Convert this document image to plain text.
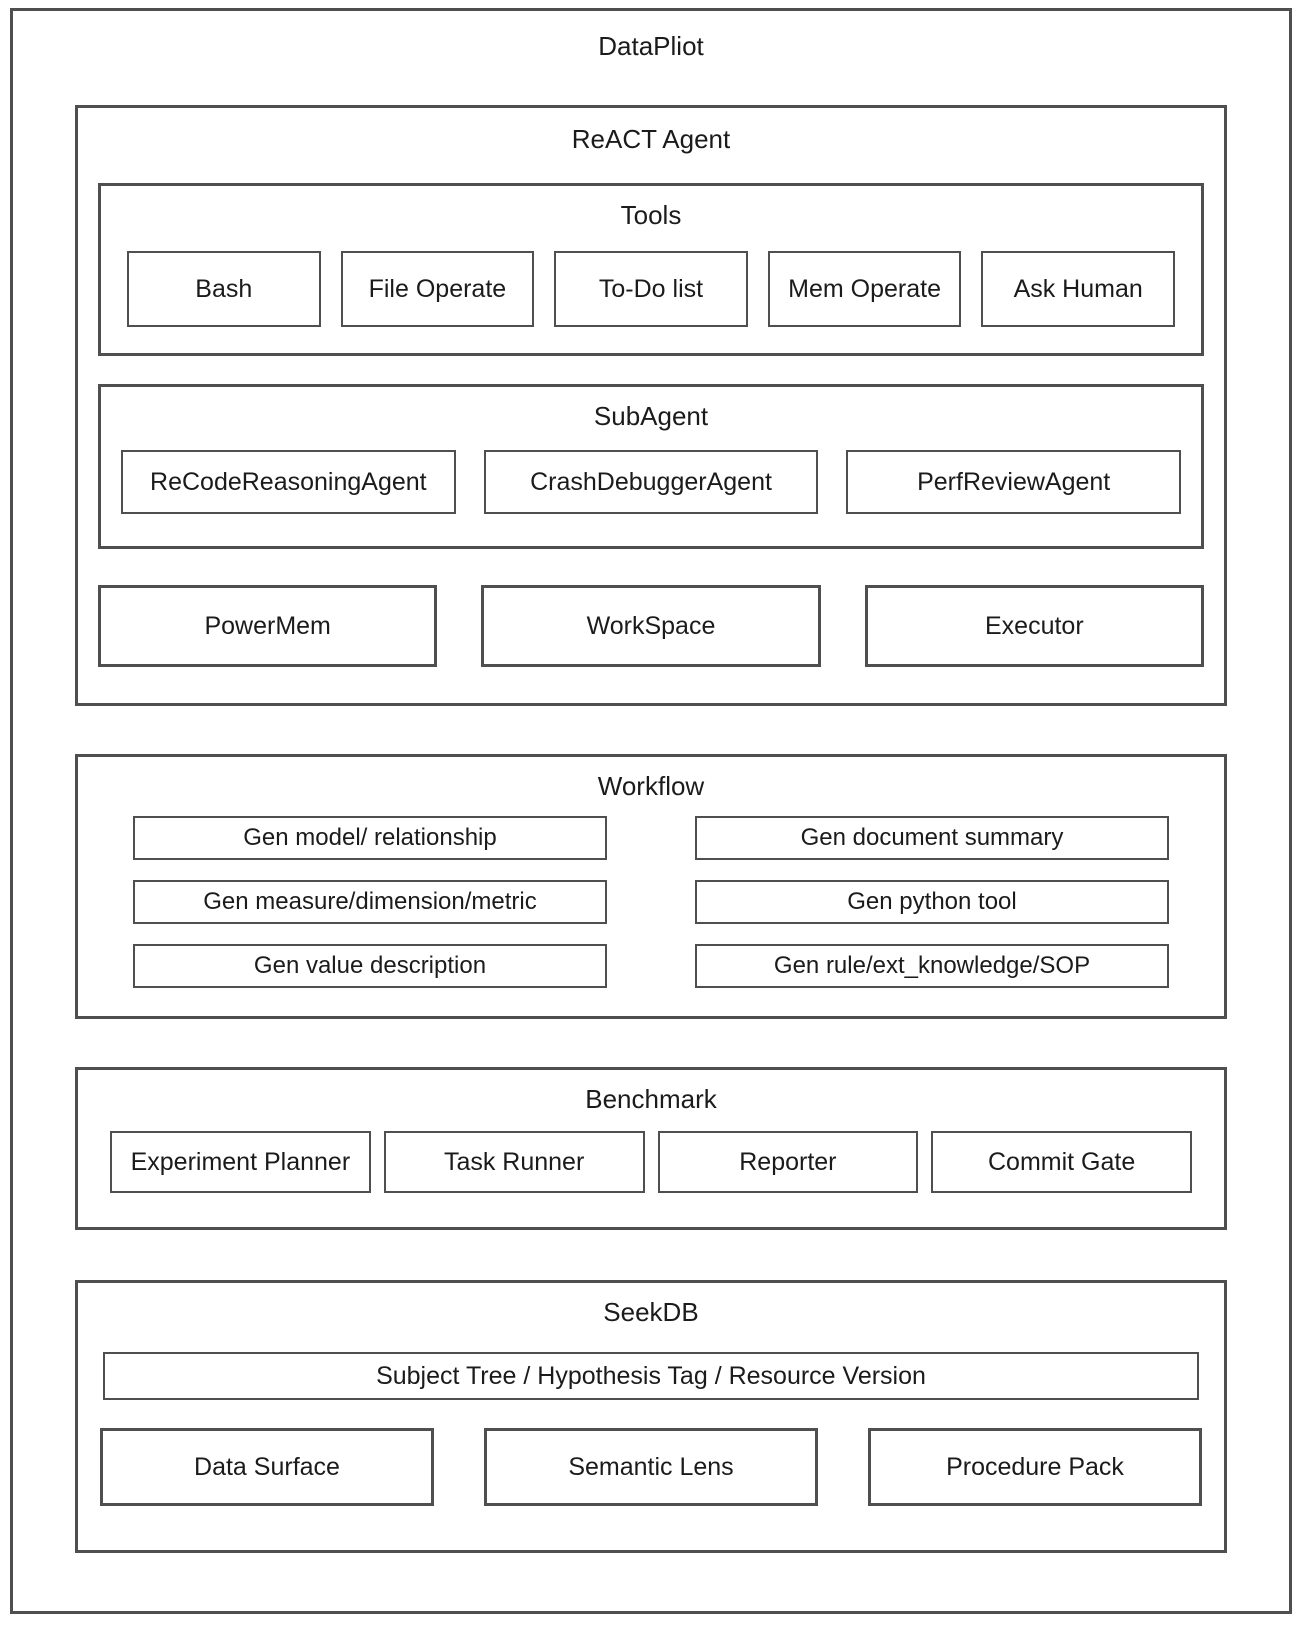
DataPliot
ReACT Agent
Tools
Bash	File Operate	To-Do list	Mem Operate	Ask Human
SubAgent
ReCodeReasoningAgent	CrashDebuggerAgent	PerfReviewAgent
PowerMem	WorkSpace	Executor
Workflow
Gen model/ relationship	Gen document summary
Gen measure/dimension/metric	Gen python tool
Gen value description	Gen rule/ext_knowledge/SOP
Benchmark
Experiment Planner	Task Runner	Reporter	Commit Gate
SeekDB
Subject Tree / Hypothesis Tag / Resource Version
Data Surface	Semantic Lens	Procedure Pack
